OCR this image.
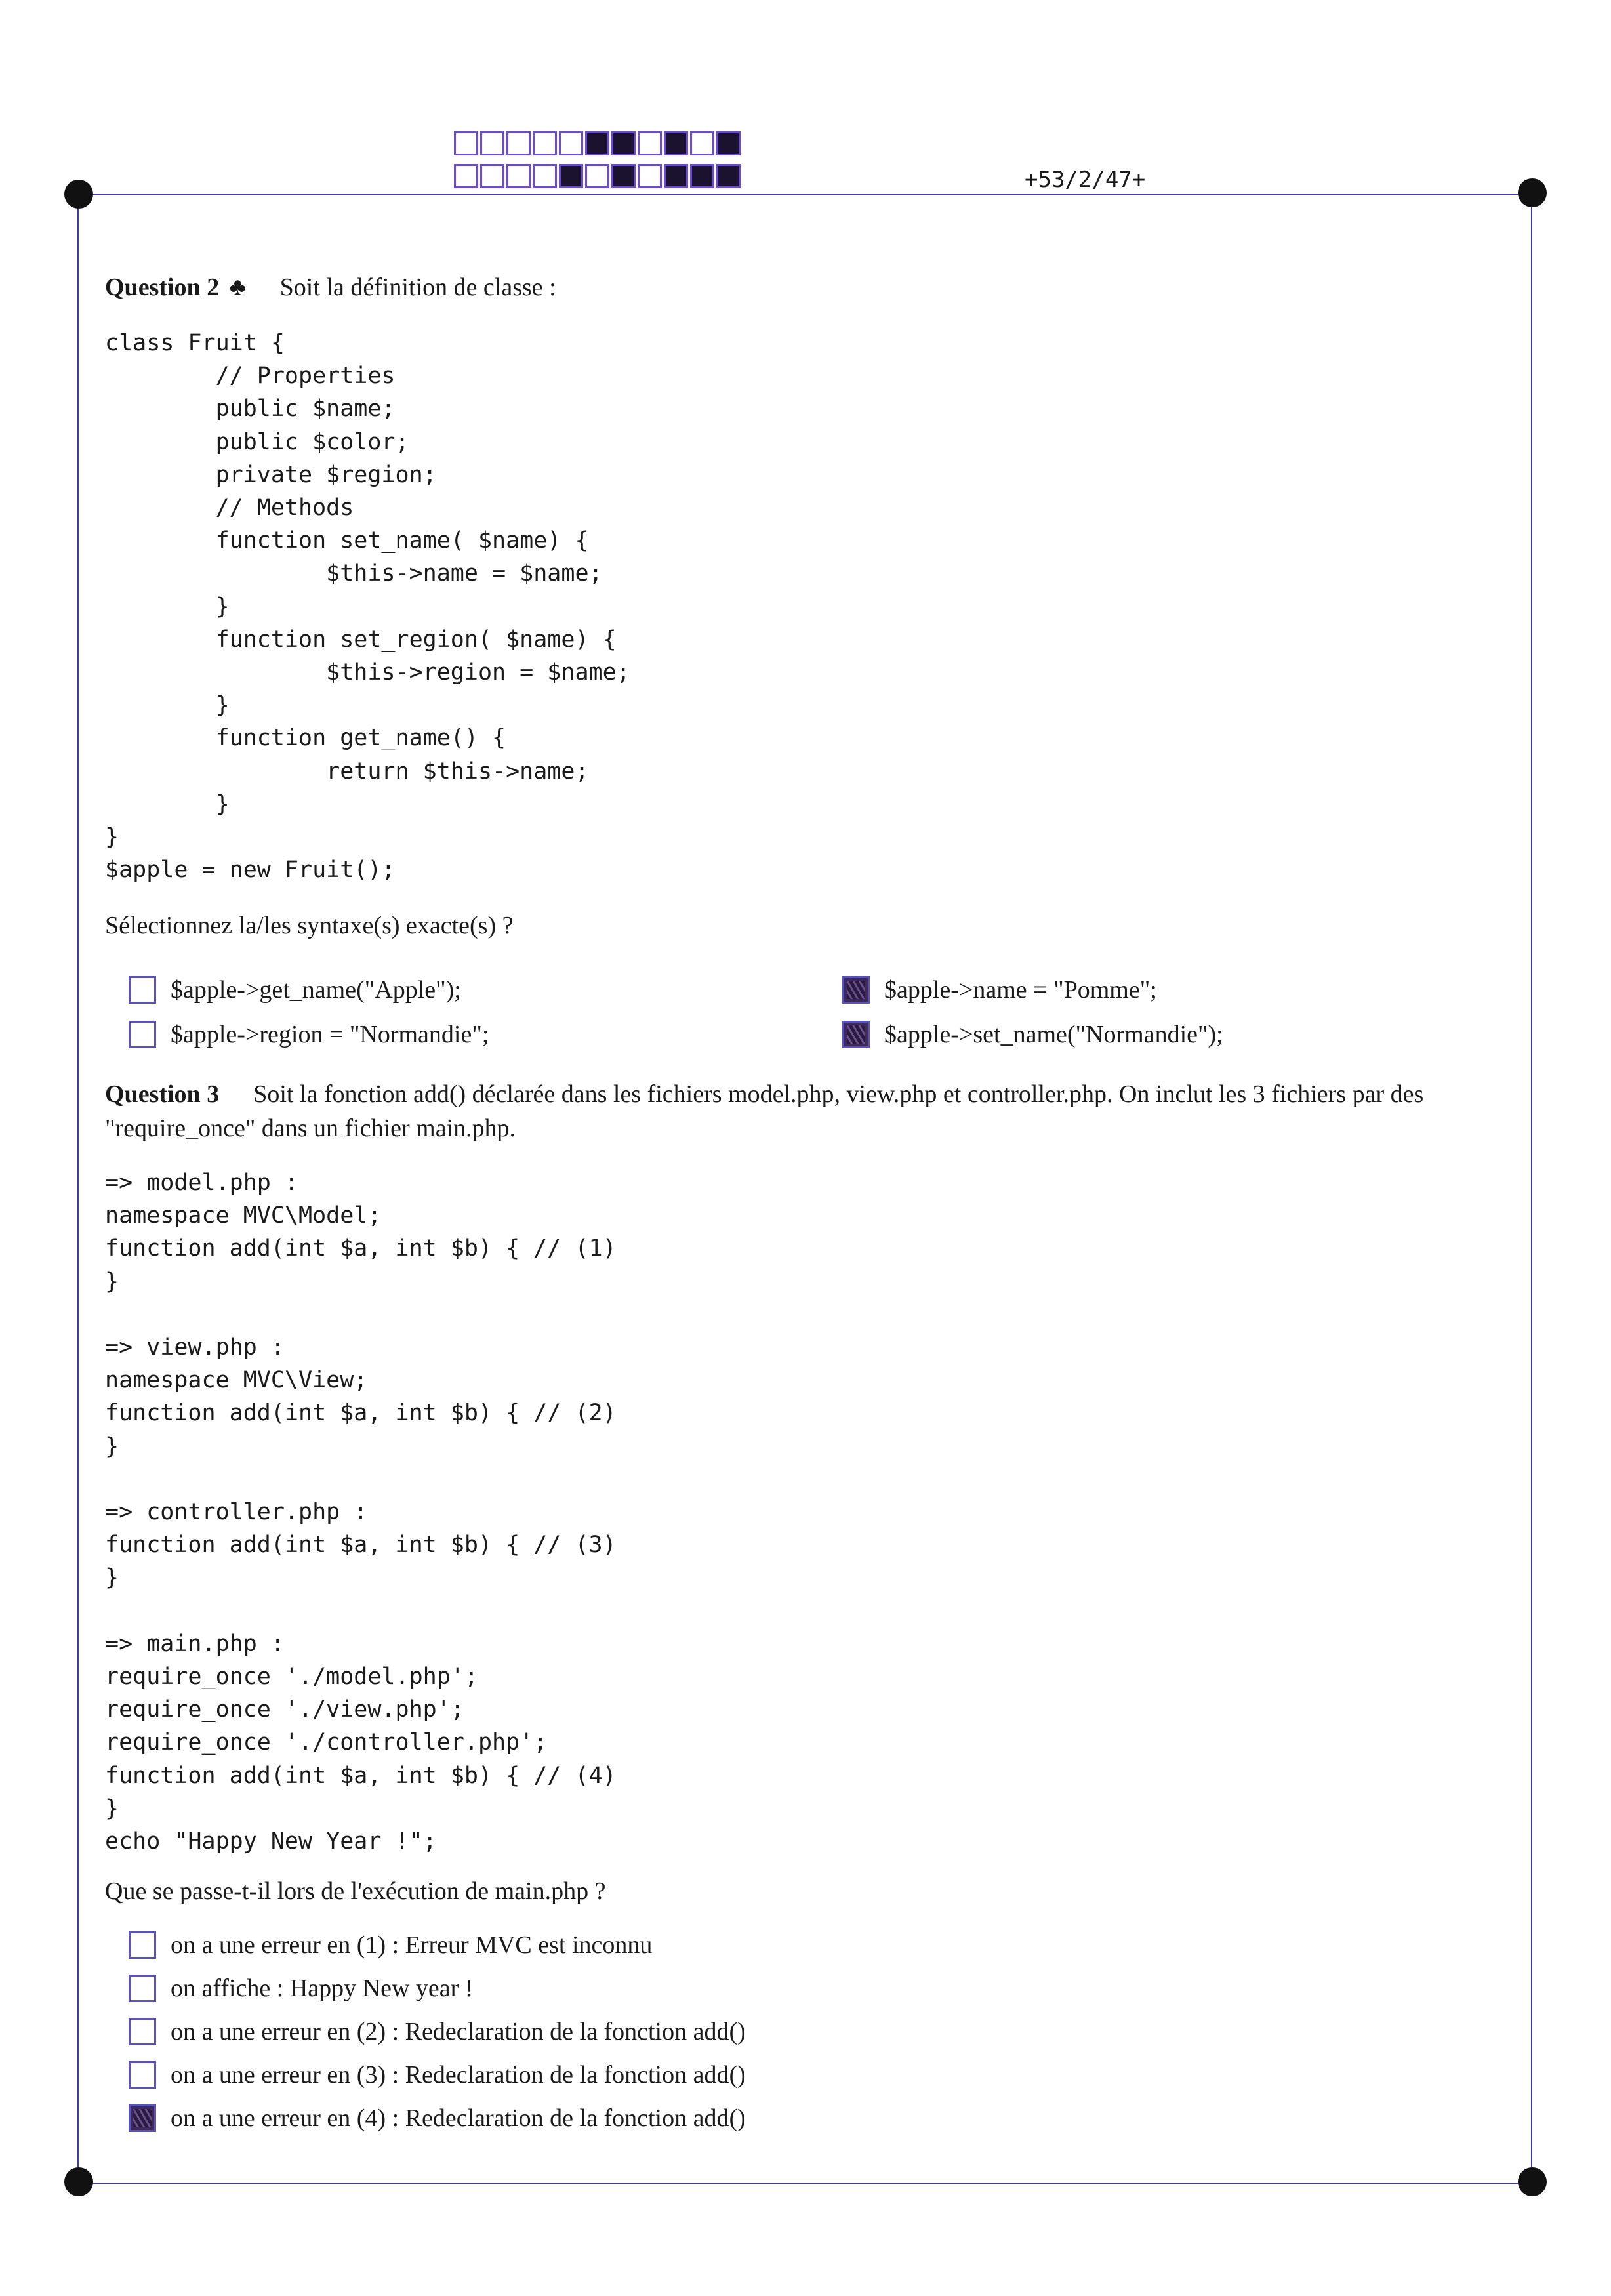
+53/2/47+
Question 2 ♣ Soit la définition de classe :
class Fruit {
// Properties
public $name;
public $color;
private $region;
// Methods
function set_name( $name) {
$this->name = $name;
}
function set_region( $name) {
$this->region = $name;
}
function get_name() {
return $this->name;
}
}
$apple = new Fruit();
Sélectionnez la/les syntaxe(s) exacte(s) ?
$apple->get_name("Apple");
$apple->region = "Normandie";
$apple->name = "Pomme";
$apple->set_name("Normandie");
Question 3 Soit la fonction add() déclarée dans les fichiers model.php, view.php et controller.php. On inclut les 3 fichiers par des "require_once" dans un fichier main.php.
=> model.php :
namespace MVC\Model;
function add(int $a, int $b) { // (1)
}

=> view.php :
namespace MVC\View;
function add(int $a, int $b) { // (2)
}

=> controller.php :
function add(int $a, int $b) { // (3)
}

=> main.php :
require_once './model.php';
require_once './view.php';
require_once './controller.php';
function add(int $a, int $b) { // (4)
}
echo "Happy New Year !";
Que se passe-t-il lors de l'exécution de main.php ?
on a une erreur en (1) : Erreur MVC est inconnu
on affiche : Happy New year !
on a une erreur en (2) : Redeclaration de la fonction add()
on a une erreur en (3) : Redeclaration de la fonction add()
on a une erreur en (4) : Redeclaration de la fonction add()
